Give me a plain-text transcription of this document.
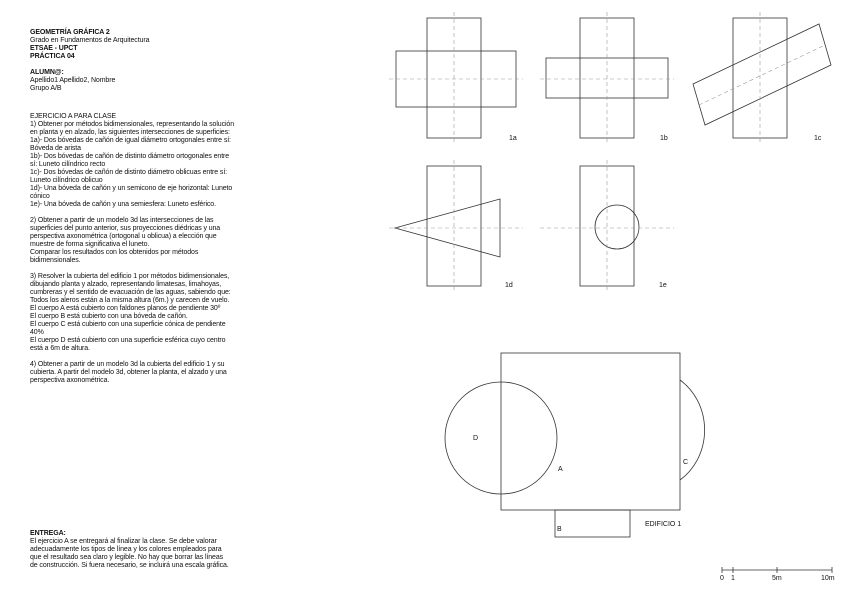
GEOMETRÍA GRÁFICA 2
Grado en Fundamentos de Arquitectura
ETSAE - UPCT
PRÁCTICA 04
ALUMN@:
Apellido1 Apellido2, Nombre
Grupo A/B
EJERCICIO A PARA CLASE
1) Obtener por métodos bidimensionales, representando la solución
en planta y en alzado, las siguientes intersecciones de superficies:
1a)- Dos bóvedas de cañón de igual diámetro ortogonales entre sí:
Bóveda de arista
1b)- Dos bóvedas de cañón de distinto diámetro ortogonales entre
sí: Luneto cilíndrico recto
1c)- Dos bóvedas de cañón de distinto diámetro oblicuas entre sí:
Luneto cilíndrico oblicuo
1d)- Una bóveda de cañón y un semicono de eje horizontal: Luneto
cónico
1e)- Una bóveda de cañón y una semiesfera: Luneto esférico.
2) Obtener a partir de un modelo 3d las intersecciones de las
superficies del punto anterior, sus proyecciones diédricas y una
perspectiva axonométrica (ortogonal u oblicua) a elección que
muestre de forma significativa el luneto.
Comparar los resultados con los obtenidos por métodos
bidimensionales.
3) Resolver la cubierta del edificio 1 por métodos bidimensionales,
dibujando planta y alzado, representando limatesas, limahoyas,
cumbreras y el sentido de evacuación de las aguas, sabiendo que:
Todos los aleros están a la misma altura (6m.) y carecen de vuelo.
El cuerpo A está cubierto con faldones planos de pendiente 30º
El cuerpo B está cubierto con una bóveda de cañón.
El cuerpo C está cubierto con una superficie cónica de pendiente
40%
El cuerpo D está cubierto con una superficie esférica cuyo centro
está a 6m de altura.
4) Obtener a partir de un modelo 3d la cubierta del edificio 1 y su
cubierta. A partir del modelo 3d, obtener la planta, el alzado y una
perspectiva axonométrica.
ENTREGA:
El ejercicio A se entregará al finalizar la clase. Se debe valorar
adecuadamente los tipos de línea y los colores empleados para
que el resultado sea claro y legible. No hay que borrar las líneas
de construcción. Si fuera necesario, se incluirá una escala gráfica.
1a	1b	1c
1d	1e
A
B
C
D
EDIFICIO 1
0 1	5m	10m
